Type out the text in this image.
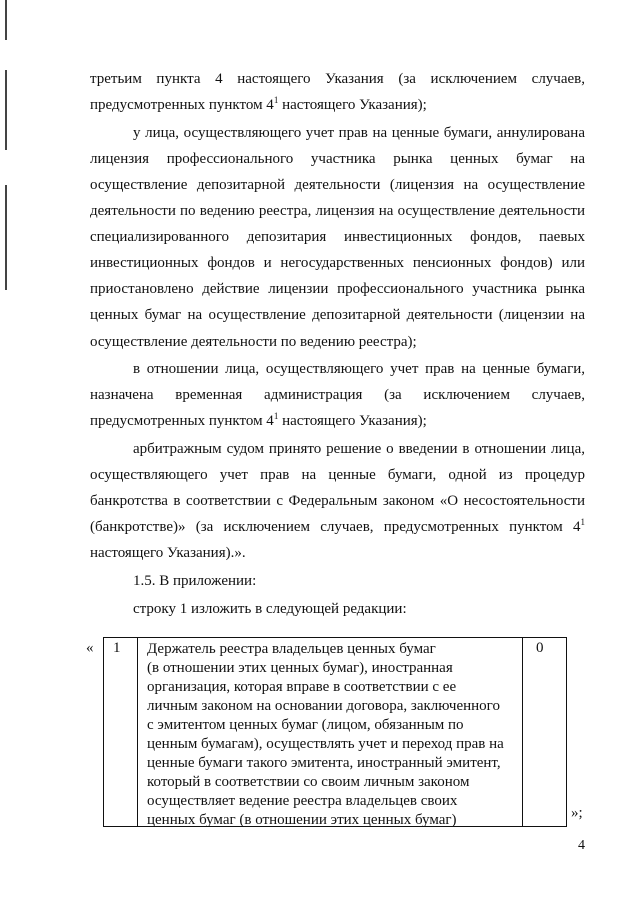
третьим пункта 4 настоящего Указания (за исключением случаев,
предусмотренных пунктом $4^1$ настоящего Указания);
у лица, осуществляющего учет прав на ценные бумаги, аннулирована
лицензия профессионального участника рынка ценных бумаг на
осуществление депозитарной деятельности (лицензия на осуществление
деятельности по ведению реестра, лицензия на осуществление деятельности
специализированного депозитария инвестиционных фондов, паевых
инвестиционных фондов и негосударственных пенсионных фондов) или
приостановлено действие лицензии профессионального участника рынка
ценных бумаг на осуществление депозитарной деятельности (лицензии на
осуществление деятельности по ведению реестра);
в отношении лица, осуществляющего учет прав на ценные бумаги,
назначена временная администрация (за исключением случаев,
предусмотренных пунктом $4^1$ настоящего Указания);
арбитражным судом принято решение о введении в отношении лица,
осуществляющего учет прав на ценные бумаги, одной из процедур
банкротства в соответствии с Федеральным законом «О несостоятельности
(банкротстве)» (за исключением случаев, предусмотренных пунктом $4^1$
настоящего Указания).».
1.5. В приложении:
строку 1 изложить в следующей редакции:
« 1 Держатель реестра владельцев ценных бумаг
(в отношении этих ценных бумаг), иностранная
организация, которая вправе в соответствии с ее
личным законом на основании договора, заключенного
с эмитентом ценных бумаг (лицом, обязанным по
ценным бумагам), осуществлять учет и переход прав на
ценные бумаги такого эмитента, иностранный эмитент,
который в соответствии со своим личным законом
осуществляет ведение реестра владельцев своих
ценных бумаг (в отношении этих ценных бумаг)
0
»;
4
